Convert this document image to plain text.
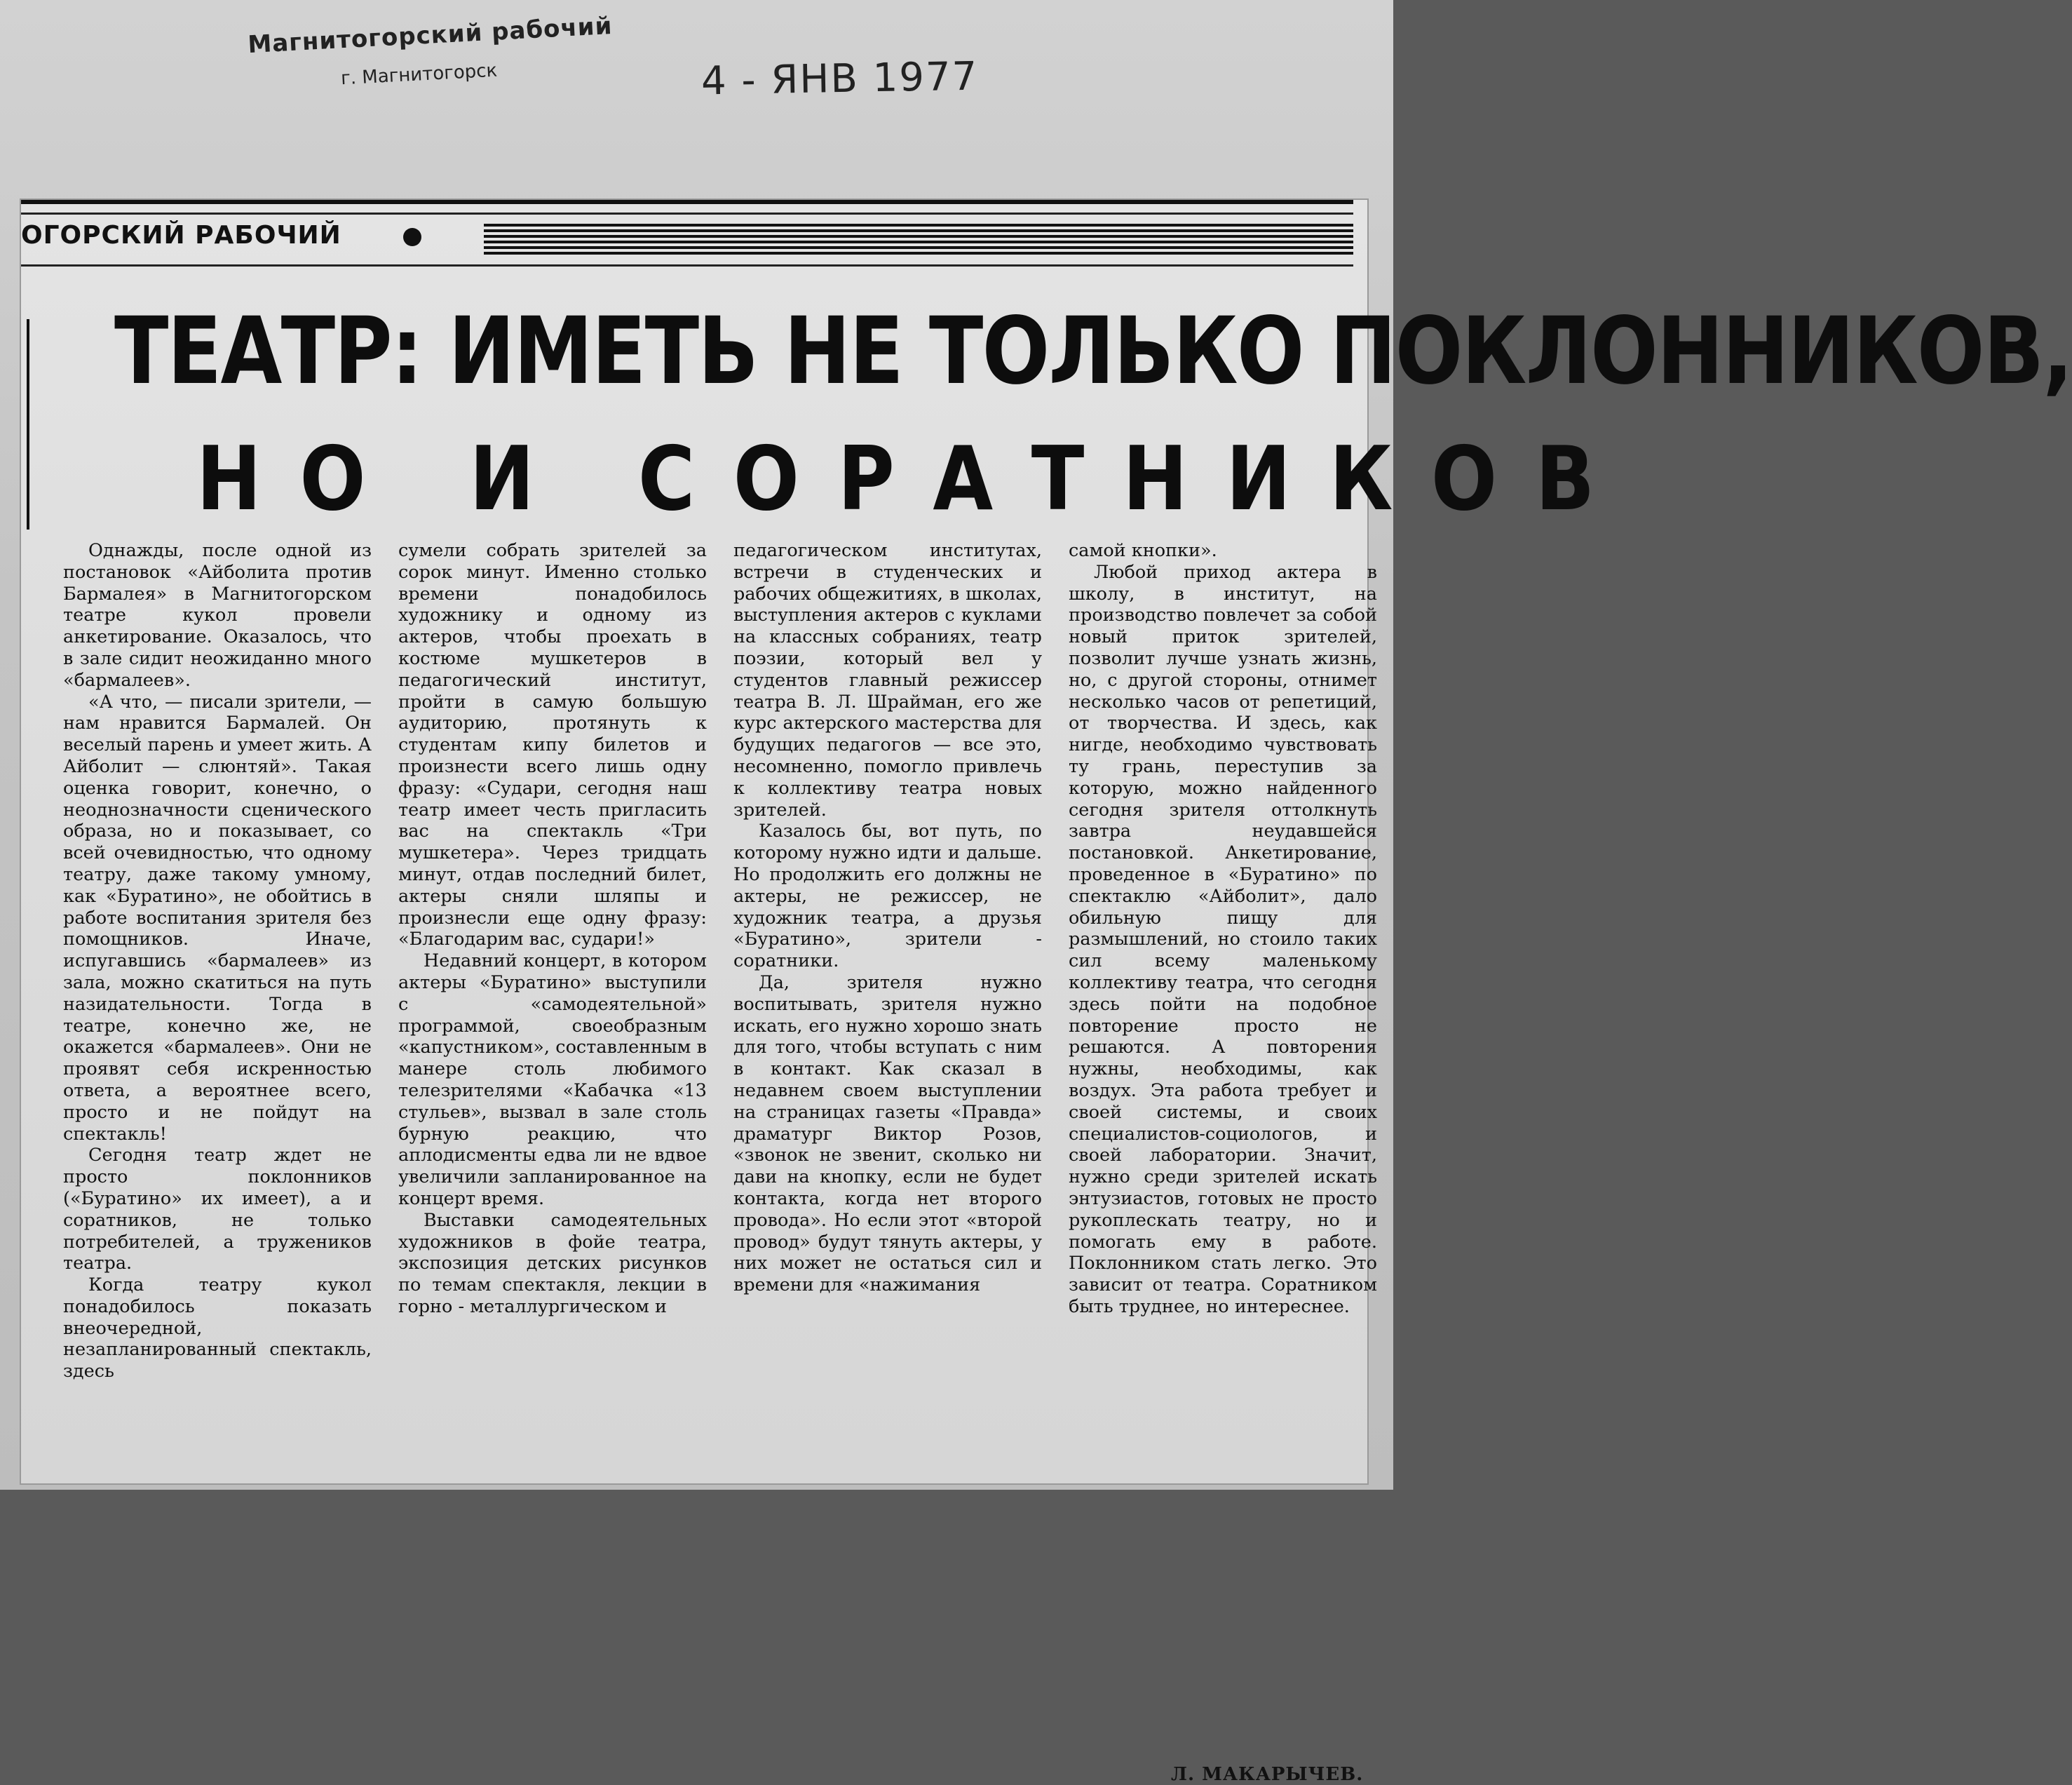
Магнитогорский рабочий
г. Магнитогорск	4 - ЯНВ 1977
ОГОРСКИЙ РАБОЧИЙ
ТЕАТР: ИМЕТЬ НЕ ТОЛЬКО ПОКЛОННИКОВ,
НО И СОРАТНИКОВ

Однажды, после одной из постановок «Айболита против Бармалея» в Магнитогорском театре кукол провели анкетирование. Оказалось, что в зале сидит неожиданно много «бармалеев».

«А что, — писали зрители, — нам нравится Бармалей. Он веселый парень и умеет жить. А Айболит — слюнтяй». Такая оценка говорит, конечно, о неоднозначности сценического образа, но и показывает, со всей очевидностью, что одному театру, даже такому умному, как «Буратино», не обойтись в работе воспитания зрителя без помощников. Иначе, испугавшись «бармалеев» из зала, можно скатиться на путь назидательности. Тогда в театре, конечно же, не окажется «бармалеев». Они не проявят себя искренностью ответа, а вероятнее всего, просто и не пойдут на спектакль!

Сегодня театр ждет не просто поклонников («Буратино» их имеет), а и соратников, не только потребителей, а тружеников театра.

Когда театру кукол понадобилось показать внеочередной, незапланированный спектакль, здесь

сумели собрать зрителей за сорок минут. Именно столько времени понадобилось художнику и одному из актеров, чтобы проехать в костюме мушкетеров в педагогический институт, пройти в самую большую аудиторию, протянуть к студентам кипу билетов и произнести всего лишь одну фразу: «Судари, сегодня наш театр имеет честь пригласить вас на спектакль «Три мушкетера». Через тридцать минут, отдав последний билет, актеры сняли шляпы и произнесли еще одну фразу: «Благодарим вас, судари!»

Недавний концерт, в котором актеры «Буратино» выступили с «самодеятельной» программой, своеобразным «капустником», составленным в манере столь любимого телезрителями «Кабачка «13 стульев», вызвал в зале столь бурную реакцию, что аплодисменты едва ли не вдвое увеличили запланированное на концерт время.

Выставки самодеятельных художников в фойе театра, экспозиция детских рисунков по темам спектакля, лекции в горно - металлургическом и

педагогическом институтах, встречи в студенческих и рабочих общежитиях, в школах, выступления актеров с куклами на классных собраниях, театр поэзии, который вел у студентов главный режиссер театра В. Л. Шрайман, его же курс актерского мастерства для будущих педагогов — все это, несомненно, помогло привлечь к коллективу театра новых зрителей.

Казалось бы, вот путь, по которому нужно идти и дальше. Но продолжить его должны не актеры, не режиссер, не художник театра, а друзья «Буратино», зрители - соратники.

Да, зрителя нужно воспитывать, зрителя нужно искать, его нужно хорошо знать для того, чтобы вступать с ним в контакт. Как сказал в недавнем своем выступлении на страницах газеты «Правда» драматург Виктор Розов, «звонок не звенит, сколько ни дави на кнопку, если не будет контакта, когда нет второго провода». Но если этот «второй провод» будут тянуть актеры, у них может не остаться сил и времени для «нажимания

самой кнопки».

Любой приход актера в школу, в институт, на производство повлечет за собой новый приток зрителей, позволит лучше узнать жизнь, но, с другой стороны, отнимет несколько часов от репетиций, от творчества. И здесь, как нигде, необходимо чувствовать ту грань, переступив за которую, можно найденного сегодня зрителя оттолкнуть завтра неудавшейся постановкой. Анкетирование, проведенное в «Буратино» по спектаклю «Айболит», дало обильную пищу для размышлений, но стоило таких сил всему маленькому коллективу театра, что сегодня здесь пойти на подобное повторение просто не решаются. А повторения нужны, необходимы, как воздух. Эта работа требует и своей системы, и своих специалистов-социологов, и своей лаборатории. Значит, нужно среди зрителей искать энтузиастов, готовых не просто рукоплескать театру, но и помогать ему в работе. Поклонником стать легко. Это зависит от театра. Соратником быть труднее, но интереснее.

Л. МАКАРЫЧЕВ.
